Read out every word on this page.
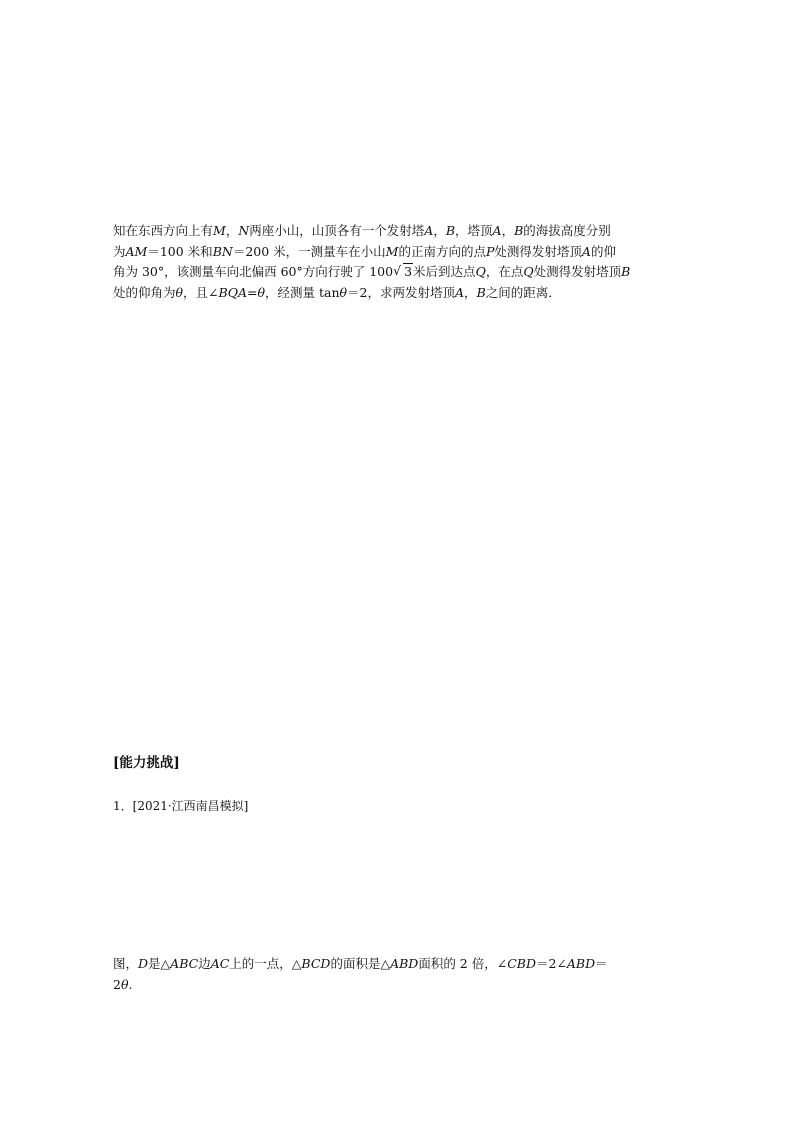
知在东西方向上有M，N两座小山，山顶各有一个发射塔A，B，塔顶A，B的海拔高度分别
为AM＝100 米和BN＝200 米，一测量车在小山M的正南方向的点P处测得发射塔顶A的仰
角为 30°，该测量车向北偏西 60°方向行驶了 100 √ 3米后到达点Q，在点Q处测得发射塔顶B
处的仰角为θ，且∠BQA=θ，经测量 tanθ＝2，求两发射塔顶A，B之间的距离．
[能力挑战]
1．[2021·江西南昌模拟]
图，D是△ABC边AC上的一点，△BCD的面积是△ABD面积的 2 倍，∠CBD＝2∠ABD＝
2θ.
